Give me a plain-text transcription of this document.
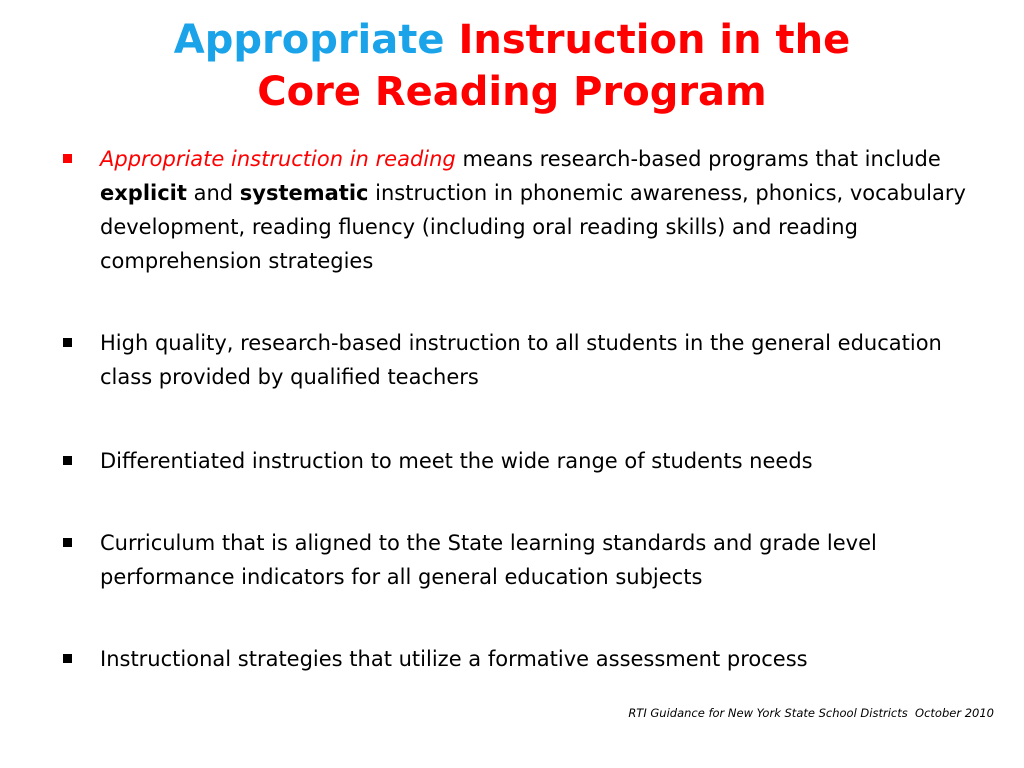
Appropriate Instruction in the
Core Reading Program
Appropriate instruction in reading means research-based programs that include explicit and systematic instruction in phonemic awareness, phonics, vocabulary development, reading fluency (including oral reading skills) and reading comprehension strategies
High quality, research-based instruction to all students in the general education class provided by qualified teachers
Differentiated instruction to meet the wide range of students needs
Curriculum that is aligned to the State learning standards and grade level performance indicators for all general education subjects
Instructional strategies that utilize a formative assessment process
RTI Guidance for New York State School Districts  October 2010
